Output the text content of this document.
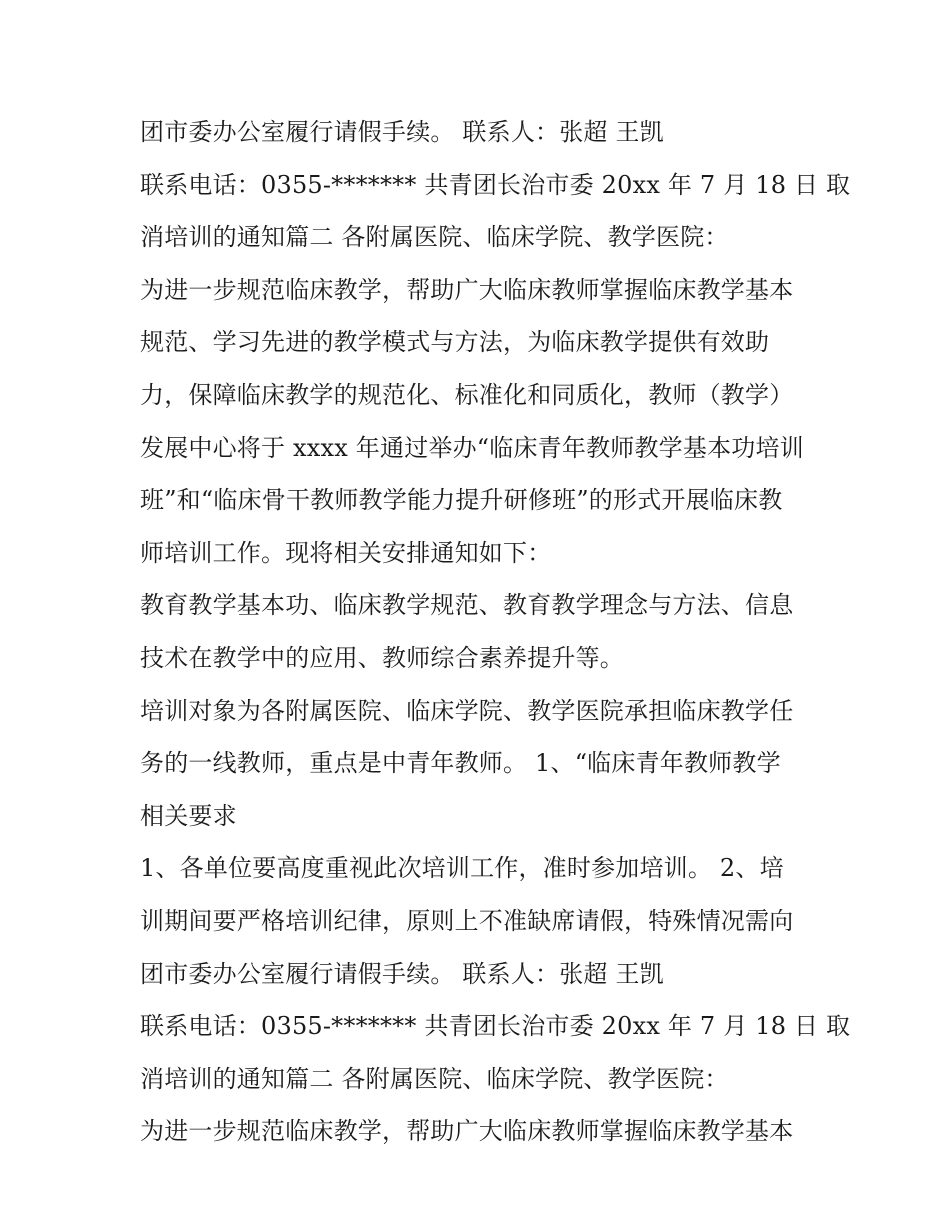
团市委办公室履行请假手续。 联系人：张超 王凯
联系电话：0355-******* 共青团长治市委 20xx 年 7 月 18 日 取
消培训的通知篇二 各附属医院、临床学院、教学医院：
为进一步规范临床教学，帮助广大临床教师掌握临床教学基本
规范、学习先进的教学模式与方法，为临床教学提供有效助
力，保障临床教学的规范化、标准化和同质化，教师（教学）
发展中心将于 xxxx 年通过举办“临床青年教师教学基本功培训
班”和“临床骨干教师教学能力提升研修班”的形式开展临床教
师培训工作。现将相关安排通知如下：
教育教学基本功、临床教学规范、教育教学理念与方法、信息
技术在教学中的应用、教师综合素养提升等。
培训对象为各附属医院、临床学院、教学医院承担临床教学任
务的一线教师，重点是中青年教师。 1、“临床青年教师教学
相关要求
1、各单位要高度重视此次培训工作，准时参加培训。 2、培
训期间要严格培训纪律，原则上不准缺席请假，特殊情况需向
团市委办公室履行请假手续。 联系人：张超 王凯
联系电话：0355-******* 共青团长治市委 20xx 年 7 月 18 日 取
消培训的通知篇二 各附属医院、临床学院、教学医院：
为进一步规范临床教学，帮助广大临床教师掌握临床教学基本
